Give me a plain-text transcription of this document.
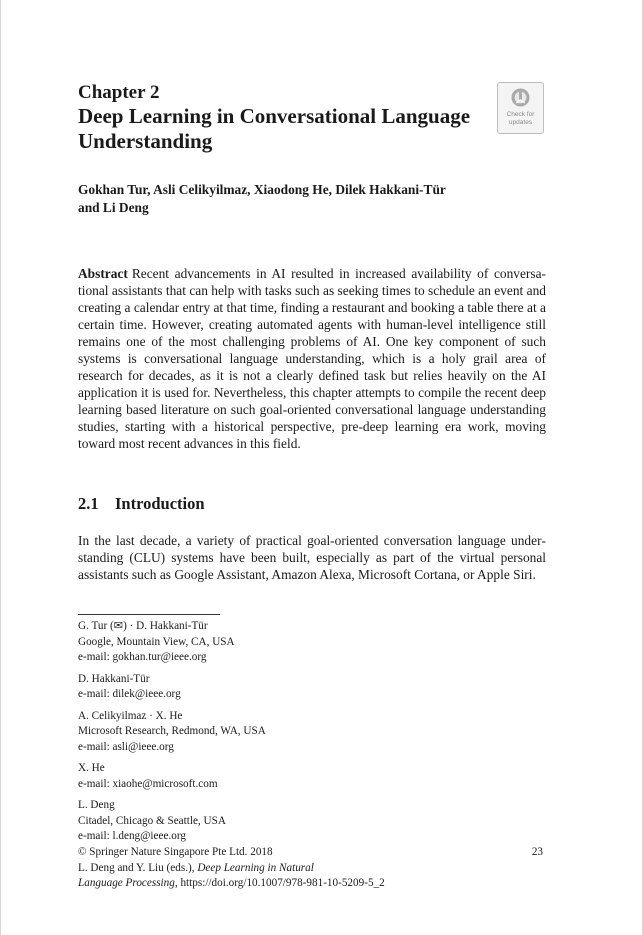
Chapter 2
Deep Learning in Conversational Language Understanding
Check for
updates
Gokhan Tur, Asli Celikyilmaz, Xiaodong He, Dilek Hakkani-Tür
and Li Deng
Abstract Recent advancements in AI resulted in increased availability of conversational assistants that can help with tasks such as seeking times to schedule an event and creating a calendar entry at that time, finding a restaurant and booking a table there at a certain time. However, creating automated agents with human-level intelligence still remains one of the most challenging problems of AI. One key component of such systems is conversational language understanding, which is a holy grail area of research for decades, as it is not a clearly defined task but relies heavily on the AI application it is used for. Nevertheless, this chapter attempts to compile the recent deep learning based literature on such goal-oriented conversational language understanding studies, starting with a historical perspective, pre-deep learning era work, moving toward most recent advances in this field.
2.1 Introduction
In the last decade, a variety of practical goal-oriented conversation language understanding (CLU) systems have been built, especially as part of the virtual personal assistants such as Google Assistant, Amazon Alexa, Microsoft Cortana, or Apple Siri.
G. Tur (✉) · D. Hakkani-Tür
Google, Mountain View, CA, USA
e-mail: gokhan.tur@ieee.org
D. Hakkani-Tür
e-mail: dilek@ieee.org
A. Celikyilmaz · X. He
Microsoft Research, Redmond, WA, USA
e-mail: asli@ieee.org
X. He
e-mail: xiaohe@microsoft.com
L. Deng
Citadel, Chicago & Seattle, USA
e-mail: l.deng@ieee.org
© Springer Nature Singapore Pte Ltd. 2018
L. Deng and Y. Liu (eds.), Deep Learning in Natural
Language Processing, https://doi.org/10.1007/978-981-10-5209-5_2
23
